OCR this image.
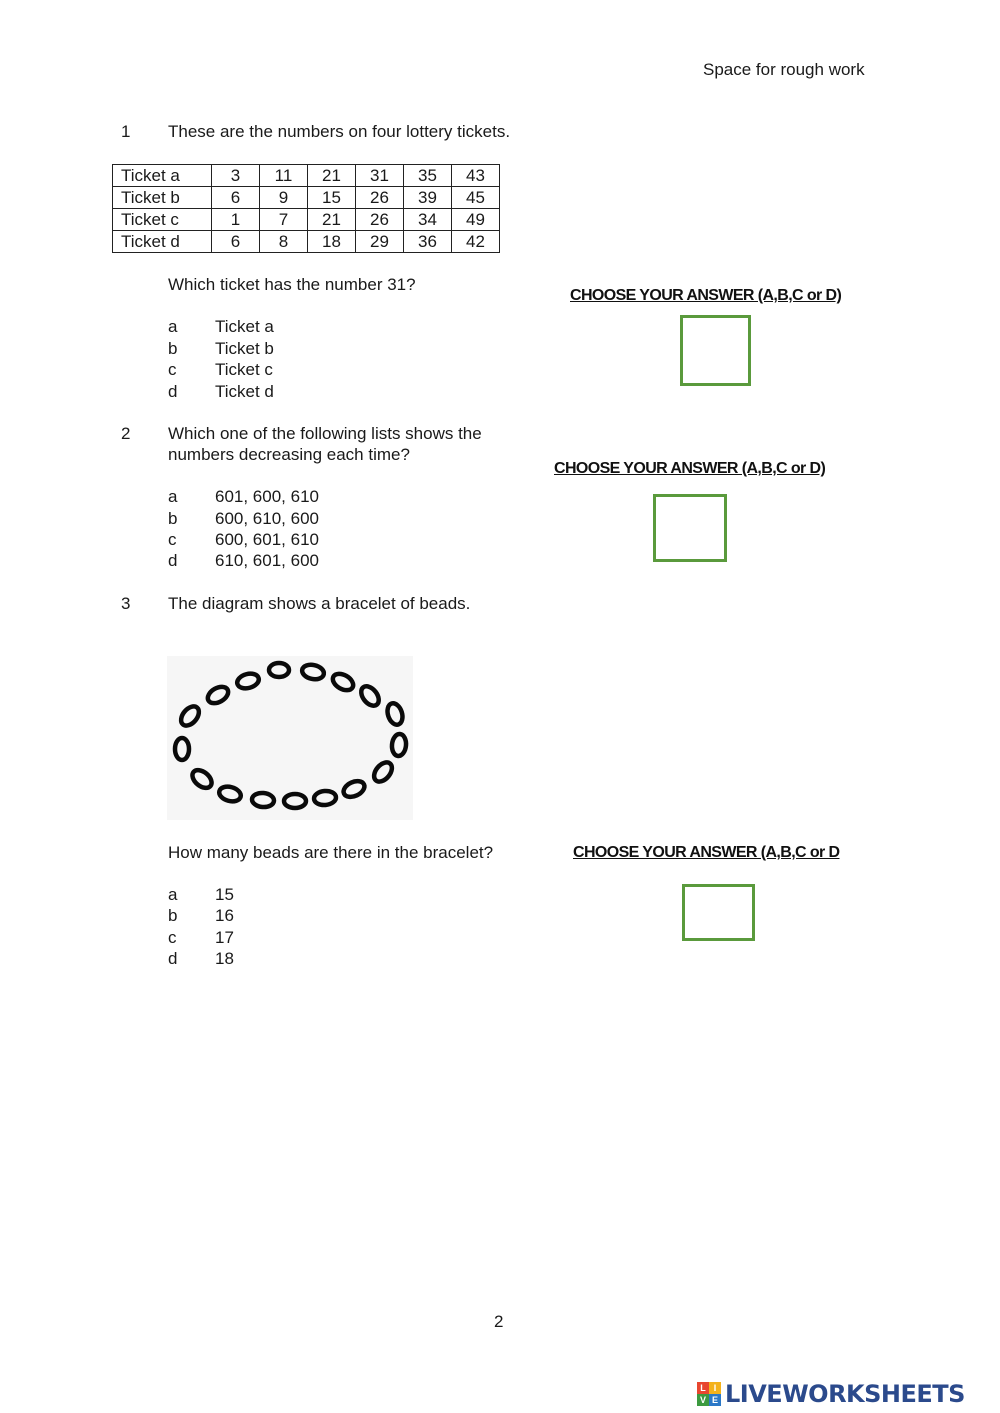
Space for rough work
1 These are the numbers on four lottery tickets.
Ticket a	3	11	21	31	35	43
Ticket b	6	9	15	26	39	45
Ticket c	1	7	21	26	34	49
Ticket d	6	8	18	29	36	42
Which ticket has the number 31?
a	Ticket a
b	Ticket b
c	Ticket c
d	Ticket d
CHOOSE YOUR ANSWER (A,B,C or D)
2 Which one of the following lists shows the
numbers decreasing each time?
a	601, 600, 610
b	600, 610, 600
c	600, 601, 610
d	610, 601, 600
CHOOSE YOUR ANSWER (A,B,C or D)
3 The diagram shows a bracelet of beads.
How many beads are there in the bracelet?
a	15
b	16
c	17
d	18
CHOOSE YOUR ANSWER (A,B,C or D
2
L I
V E LIVEWORKSHEETS
